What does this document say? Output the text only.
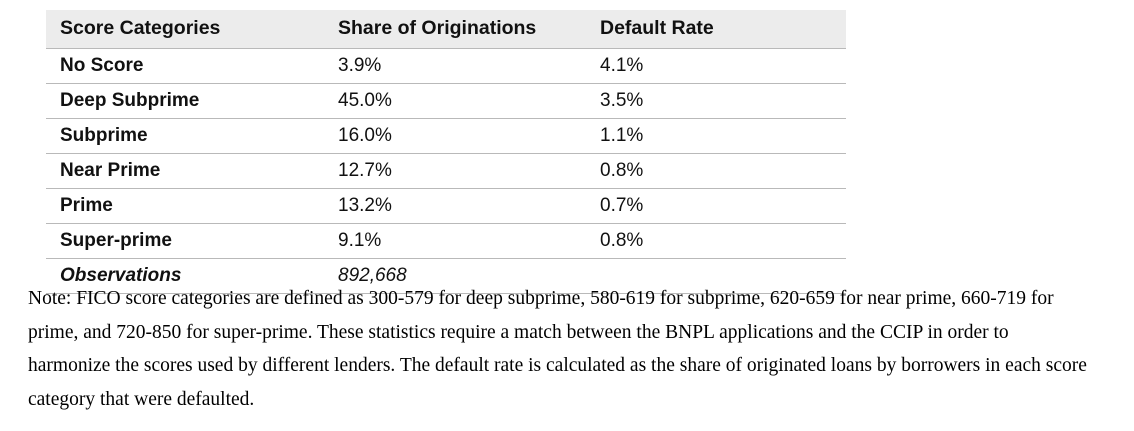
Score Categories	Share of Originations	Default Rate
No Score	3.9%	4.1%
Deep Subprime	45.0%	3.5%
Subprime	16.0%	1.1%
Near Prime	12.7%	0.8%
Prime	13.2%	0.7%
Super-prime	9.1%	0.8%
Observations	892,668	
Note: FICO score categories are defined as 300-579 for deep subprime, 580-619 for subprime, 620-659 for near prime, 660-719 for prime, and 720-850 for super-prime. These statistics require a match between the BNPL applications and the CCIP in order to harmonize the scores used by different lenders. The default rate is calculated as the share of originated loans by borrowers in each score category that were defaulted.
